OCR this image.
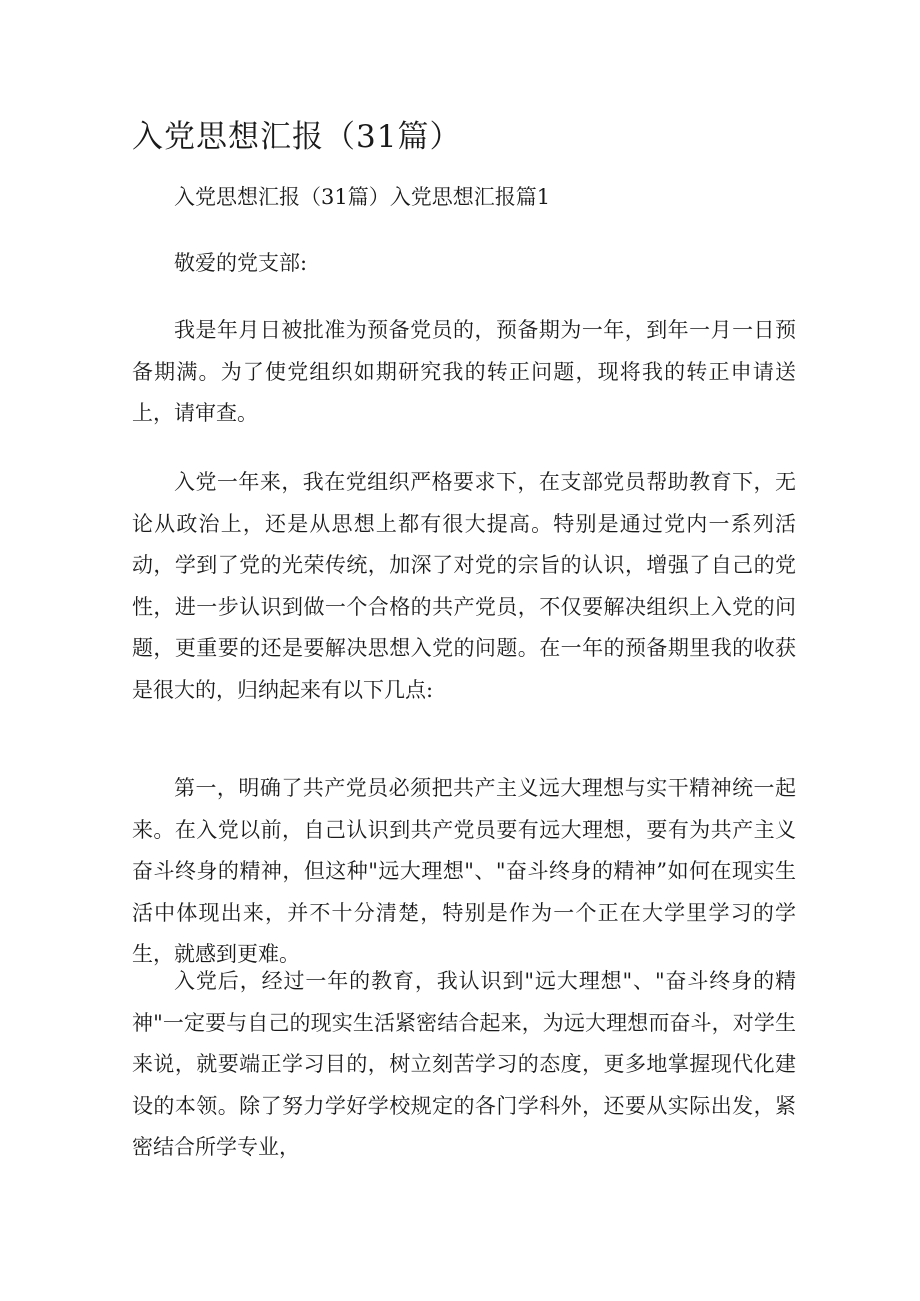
入党思想汇报（31篇）

入党思想汇报（31篇）入党思想汇报篇1

敬爱的党支部:

我是年月日被批准为预备党员的，预备期为一年，到年一月一日预备期满。为了使党组织如期研究我的转正问题，现将我的转正申请送上，请审查。

入党一年来，我在党组织严格要求下，在支部党员帮助教育下，无论从政治上，还是从思想上都有很大提高。特别是通过党内一系列活动，学到了党的光荣传统，加深了对党的宗旨的认识，增强了自己的党性，进一步认识到做一个合格的共产党员，不仅要解决组织上入党的问题，更重要的还是要解决思想入党的问题。在一年的预备期里我的收获是很大的，归纳起来有以下几点:

第一，明确了共产党员必须把共产主义远大理想与实干精神统一起来。在入党以前，自己认识到共产党员要有远大理想，要有为共产主义奋斗终身的精神，但这种"远大理想"、"奋斗终身的精神”如何在现实生活中体现出来，并不十分清楚，特别是作为一个正在大学里学习的学生，就感到更难。

入党后，经过一年的教育，我认识到"远大理想"、"奋斗终身的精神"一定要与自己的现实生活紧密结合起来，为远大理想而奋斗，对学生来说，就要端正学习目的，树立刻苦学习的态度，更多地掌握现代化建设的本领。除了努力学好学校规定的各门学科外，还要从实际出发，紧密结合所学专业，
